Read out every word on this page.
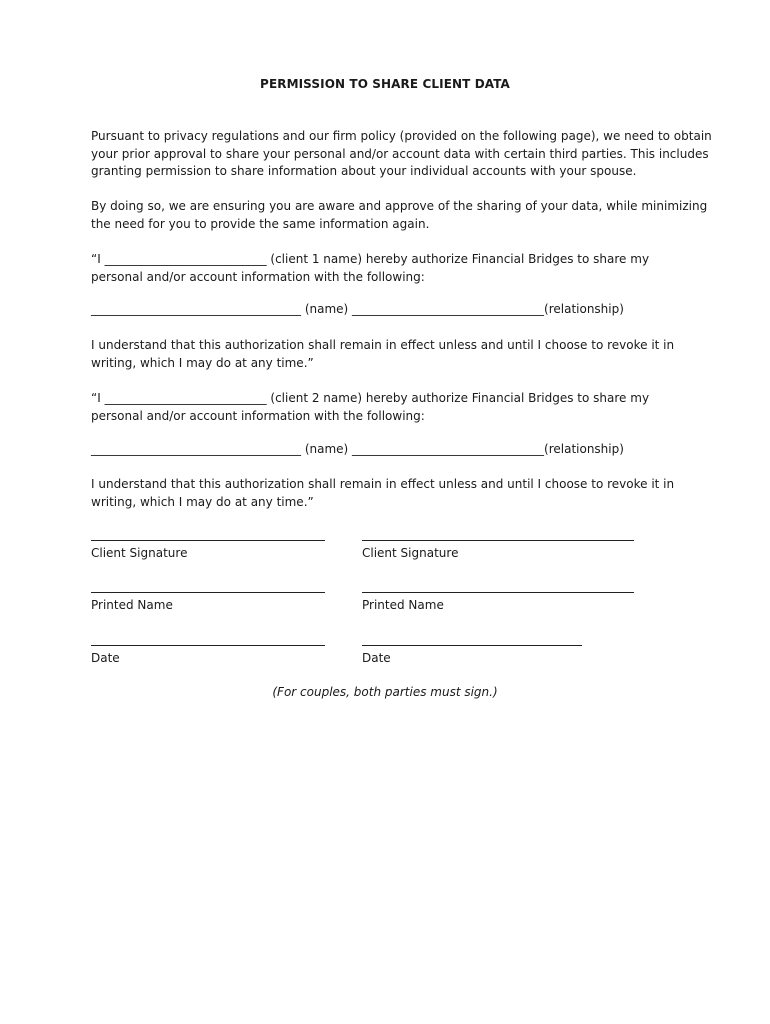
PERMISSION TO SHARE CLIENT DATA
Pursuant to privacy regulations and our firm policy (provided on the following page), we need to obtain
your prior approval to share your personal and/or account data with certain third parties. This includes
granting permission to share information about your individual accounts with your spouse.
By doing so, we are ensuring you are aware and approve of the sharing of your data, while minimizing
the need for you to provide the same information again.
“I ___________________________ (client 1 name) hereby authorize Financial Bridges to share my
personal and/or account information with the following:
___________________________________ (name) ________________________________(relationship)
I understand that this authorization shall remain in effect unless and until I choose to revoke it in
writing, which I may do at any time.”
“I ___________________________ (client 2 name) hereby authorize Financial Bridges to share my
personal and/or account information with the following:
___________________________________ (name) ________________________________(relationship)
I understand that this authorization shall remain in effect unless and until I choose to revoke it in
writing, which I may do at any time.”
Client Signature
Printed Name
Date
Client Signature
Printed Name
Date
(For couples, both parties must sign.)
